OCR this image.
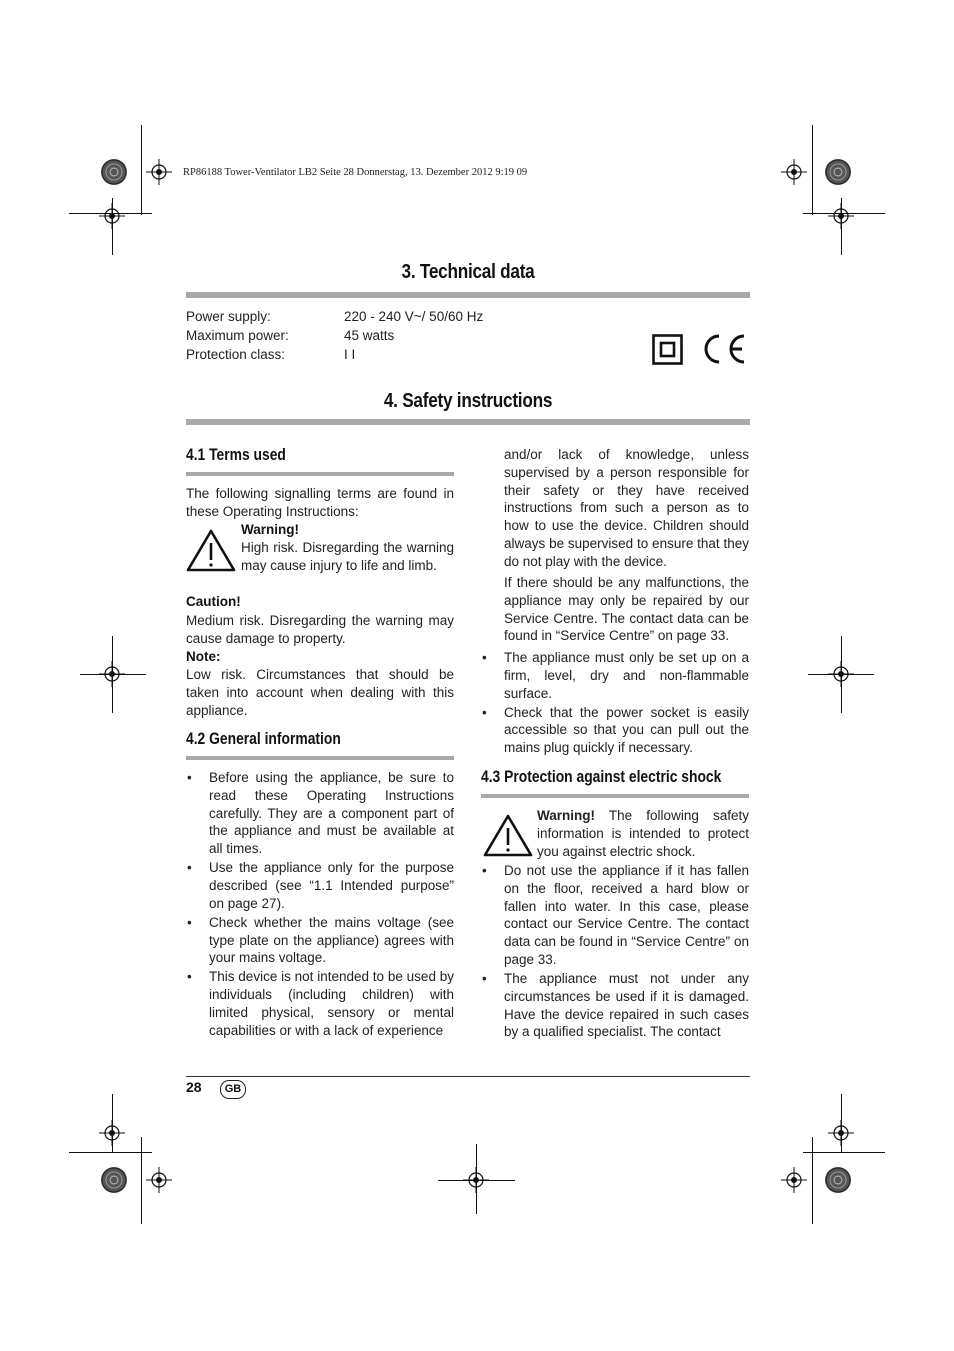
RP86188 Tower-Ventilator LB2 Seite 28 Donnerstag, 13. Dezember 2012 9:19 09
3. Technical data
Power supply:	220 - 240 V~/ 50/60 Hz
Maximum power:	45 watts
Protection class:	I I
4. Safety instructions
4.1 Terms used
The following signalling terms are found in these Operating Instructions:
Warning!
High risk. Disregarding the warning may cause injury to life and limb.
Caution!
Medium risk. Disregarding the warning may cause damage to property.
Note:
Low risk. Circumstances that should be taken into account when dealing with this appliance.
4.2 General information
• Before using the appliance, be sure to read these Operating Instructions carefully. They are a component part of the appliance and must be available at all times.
• Use the appliance only for the purpose described (see “1.1 Intended purpose” on page 27).
• Check whether the mains voltage (see type plate on the appliance) agrees with your mains voltage.
• This device is not intended to be used by individuals (including children) with limited physical, sensory or mental capabilities or with a lack of experience
and/or lack of knowledge, unless supervised by a person responsible for their safety or they have received instructions from such a person as to how to use the device. Children should always be supervised to ensure that they do not play with the device.
If there should be any malfunctions, the appliance may only be repaired by our Service Centre. The contact data can be found in “Service Centre” on page 33.
• The appliance must only be set up on a firm, level, dry and non-flammable surface.
• Check that the power socket is easily accessible so that you can pull out the mains plug quickly if necessary.
4.3 Protection against electric shock
Warning! The following safety information is intended to protect you against electric shock.
• Do not use the appliance if it has fallen on the floor, received a hard blow or fallen into water. In this case, please contact our Service Centre. The contact data can be found in “Service Centre” on page 33.
• The appliance must not under any circumstances be used if it is damaged. Have the device repaired in such cases by a qualified specialist. The contact
28	GB
